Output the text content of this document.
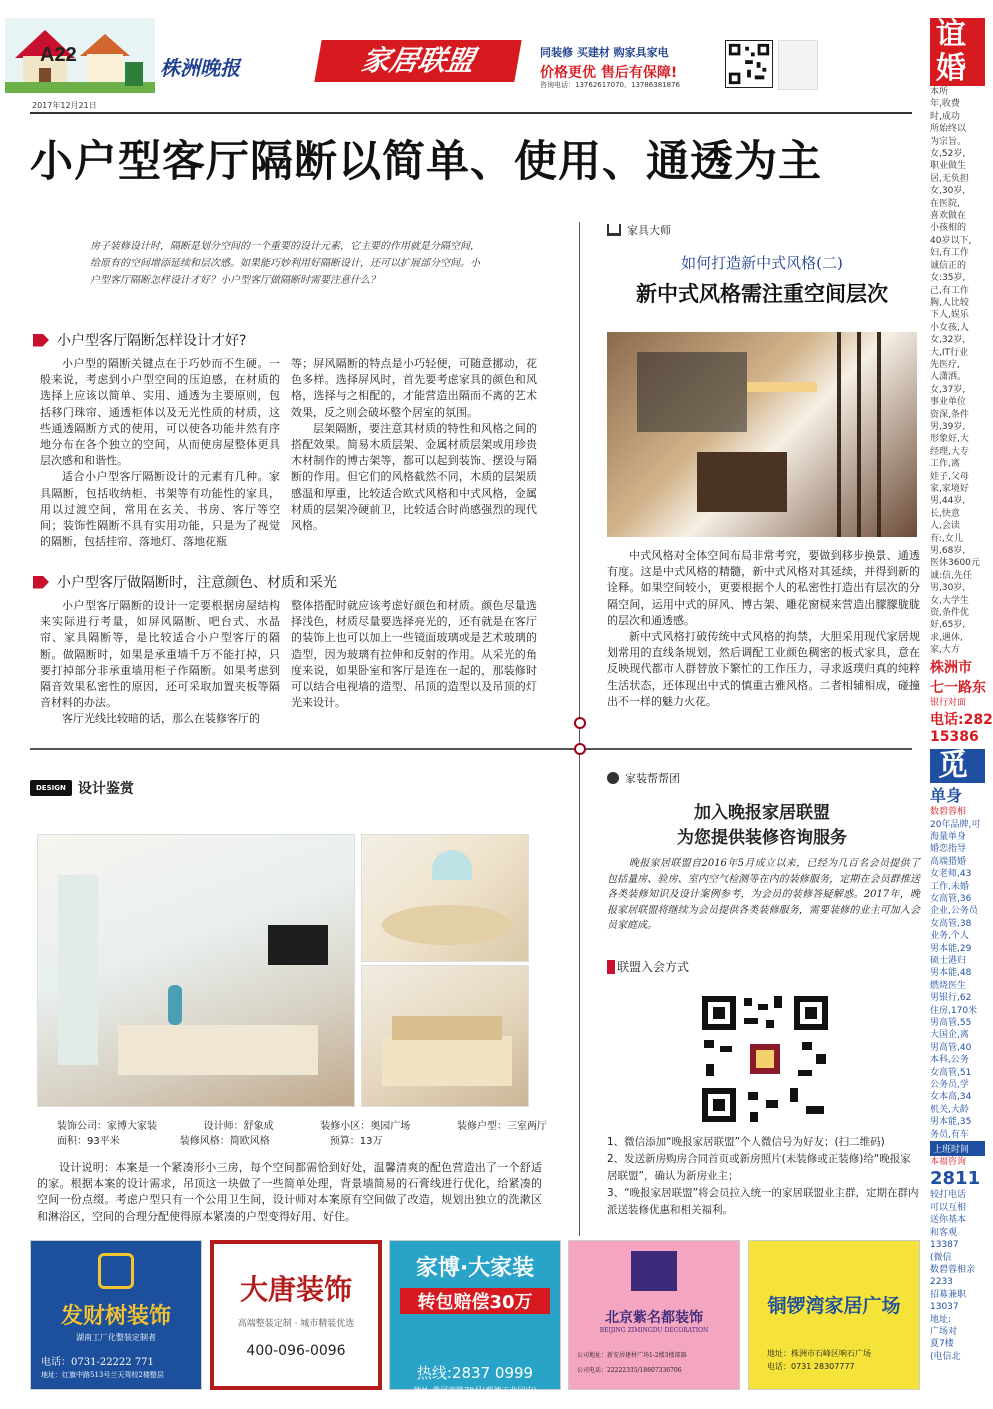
A22
株洲晚报	家居联盟	同装修 买建材 购家具家电
价格更优 售后有保障!
咨询电话：13762617070、13786381876
2017年12月21日
小户型客厅隔断以简单、使用、通透为主

房子装修设计时，隔断是划分空间的一个重要的设计元素，它主要的作用就是分隔空间，给原有的空间增添延续和层次感。如果能巧妙利用好隔断设计，还可以扩展部分空间。小户型客厅隔断怎样设计才好？小户型客厅做隔断时需要注意什么？

小户型客厅隔断怎样设计才好?

小户型的隔断关键点在于巧妙而不生硬。一般来说，考虑到小户型空间的压迫感，在材质的选择上应该以简单、实用、通透为主要原则，包括移门珠帘、通透柜体以及无光性质的材质，这些通透隔断方式的使用，可以使各功能井然有序地分布在各个独立的空间，从而使房屋整体更具层次感和和谐性。

适合小户型客厅隔断设计的元素有几种。家具隔断，包括收纳柜、书架等有功能性的家具，用以过渡空间，常用在玄关、书房、客厅等空间；装饰性隔断不具有实用功能，只是为了视觉的隔断，包括挂帘、落地灯、落地花瓶

等；屏风隔断的特点是小巧轻便，可随意挪动，花色多样。选择屏风时，首先要考虑家具的颜色和风格，选择与之相配的，才能营造出隔而不离的艺术效果，反之则会破坏整个居室的氛围。

层架隔断，要注意其材质的特性和风格之间的搭配效果。简易木质层架、金属材质层架或用珍贵木材制作的博古架等，都可以起到装饰、摆设与隔断的作用。但它们的风格截然不同，木质的层架质感温和厚重，比较适合欧式风格和中式风格，金属材质的层架冷硬前卫，比较适合时尚感强烈的现代风格。

小户型客厅做隔断时，注意颜色、材质和采光

小户型客厅隔断的设计一定要根据房屋结构来实际进行考量，如屏风隔断、吧台式、水晶帘、家具隔断等，是比较适合小户型客厅的隔断。做隔断时，如果是承重墙千万不能打掉，只要打掉部分非承重墙用柜子作隔断。如果考虑到隔音效果私密性的原因，还可采取加置夹板等隔音材料的办法。

客厅光线比较暗的话，那么在装修客厅的

整体搭配时就应该考虑好颜色和材质。颜色尽量选择浅色，材质尽量要选择亮光的，还有就是在客厅的装饰上也可以加上一些镜面玻璃或是艺术玻璃的造型，因为玻璃有拉伸和反射的作用。从采光的角度来说，如果卧室和客厅是连在一起的，那装修时可以结合电视墙的造型、吊顶的造型以及吊顶的灯光来设计。

家具大师
如何打造新中式风格(二)
新中式风格需注重空间层次

中式风格对全体空间布局非常考究，要做到移步换景、通透有度。这是中式风格的精髓，新中式风格对其延续，并得到新的诠释。如果空间较小，更要根据个人的私密性打造出有层次的分隔空间，运用中式的屏风、博古架、雕花窗棂来营造出朦朦胧胧的层次和通透感。

新中式风格打破传统中式风格的拘禁，大胆采用现代家居规划常用的直线条规划，然后调配工业颜色稠密的板式家具，意在反映现代都市人群替放下繁忙的工作压力，寻求返璞归真的纯粹生活状态，还体现出中式的慎重古雅风格。二者相辅相成，碰撞出不一样的魅力火花。

DESIGN 设计鉴赏
装饰公司：家博大家装	设计师：舒象成	装修小区：奥园广场	装修户型：三室两厅
面积：93平米	装修风格：简欧风格	预算：13万

设计说明：本案是一个紧凑形小三房，每个空间都需恰到好处，温馨清爽的配色营造出了一个舒适的家。根据本案的设计需求，吊顶这一块做了一些简单处理，背景墙简易的石膏线进行优化，给紧凑的空间一份点缀。考虑户型只有一个公用卫生间，设计师对本案原有空间做了改造，规划出独立的洗漱区和淋浴区，空间的合理分配使得原本紧凑的户型变得好用、好住。

家装帮帮团
加入晚报家居联盟
为您提供装修咨询服务

晚报家居联盟自2016年5月成立以来，已经为几百名会员提供了包括量房、验房、室内空气检测等在内的装修服务，定期在会员群推送各类装修知识及设计案例参考，为会员的装修答疑解惑。2017年，晚报家居联盟将继续为会员提供各类装修服务，需要装修的业主可加入会员家庭成。

联盟入会方式

1、微信添加“晚报家居联盟”个人微信号为好友；(扫二维码)

2、发送新房购房合同首页或新房照片(未装修或正装修)给“晚报家居联盟”，确认为新房业主；

3、“晚报家居联盟”将会员拉入统一的家居联盟业主群，定期在群内派送装修优惠和相关福利。

发财树装饰
湖南工厂化整装定制者
电话：0731-22222 771
地址：红旗中路513号兰天驾校2楼整层
大唐装饰
高端整装定制 · 城市精装优选
400-096-0096
家博·大家装
转包赔偿30万
热线:2837 0999
地址:黄河南路78号(莉德工业园内)
北京紫名都装饰
BEIJING ZIMINGDU DECORATION
公司地址：新安居建材广场1-2楼3楼部器
公司电话：22222335/18607336706
铜锣湾家居广场
地址：株洲市石峰区响石广场
电话：0731 28307777
谊婚
本所
年,收费
时,成功
所始终以
为宗旨。
女,52岁,
职业做生
居,无负担
女,30岁,
在医院,
喜欢做在
小孩相的
40岁以下,
妇,有工作
诚信正的
女:35岁,
己,有工作
胸,人比较
下人,娱乐
小女孩,人
女,32岁,
大,IT行业
先医疗,
人潇洒。
女,37岁,
事业单位
资深,条件
男,39岁,
形象好,大
经理,大专
工作,离
娃子,父母
家,家境好
男,44岁,
长,快意
人,会读
有:,女儿
男,68岁,
医休3600元
诚:信,先任
男,30岁,
女,大学生
资,条件优
好,65岁,
求,遇休,
家,大方
株洲市
七一路东
银行对面
电话:282
15386
觅
单身
数碧蓉相
20年品牌,可
海量单身
婚恋指导
高端猎婚
女老师,43
工作,未婚
女高管,36
企业,公务员
女高管,38
业务,个人
男本能,29
硕士港归
男本能,48
燃烧医生
男银行,62
住房,170米
男高管,55
大国企,离
男高管,40
本科,公务
女高管,51
公务员,学
女本高,34
机关,大龄
男本能,35
务员,有车
上班时间
本福咨询
2811
较打电话
可以互相
送你基本
和客观
13387
(微信
数碧蓉相亲
2233
招募兼职
13037
地址:
广场对
夏7楼
(电信北
